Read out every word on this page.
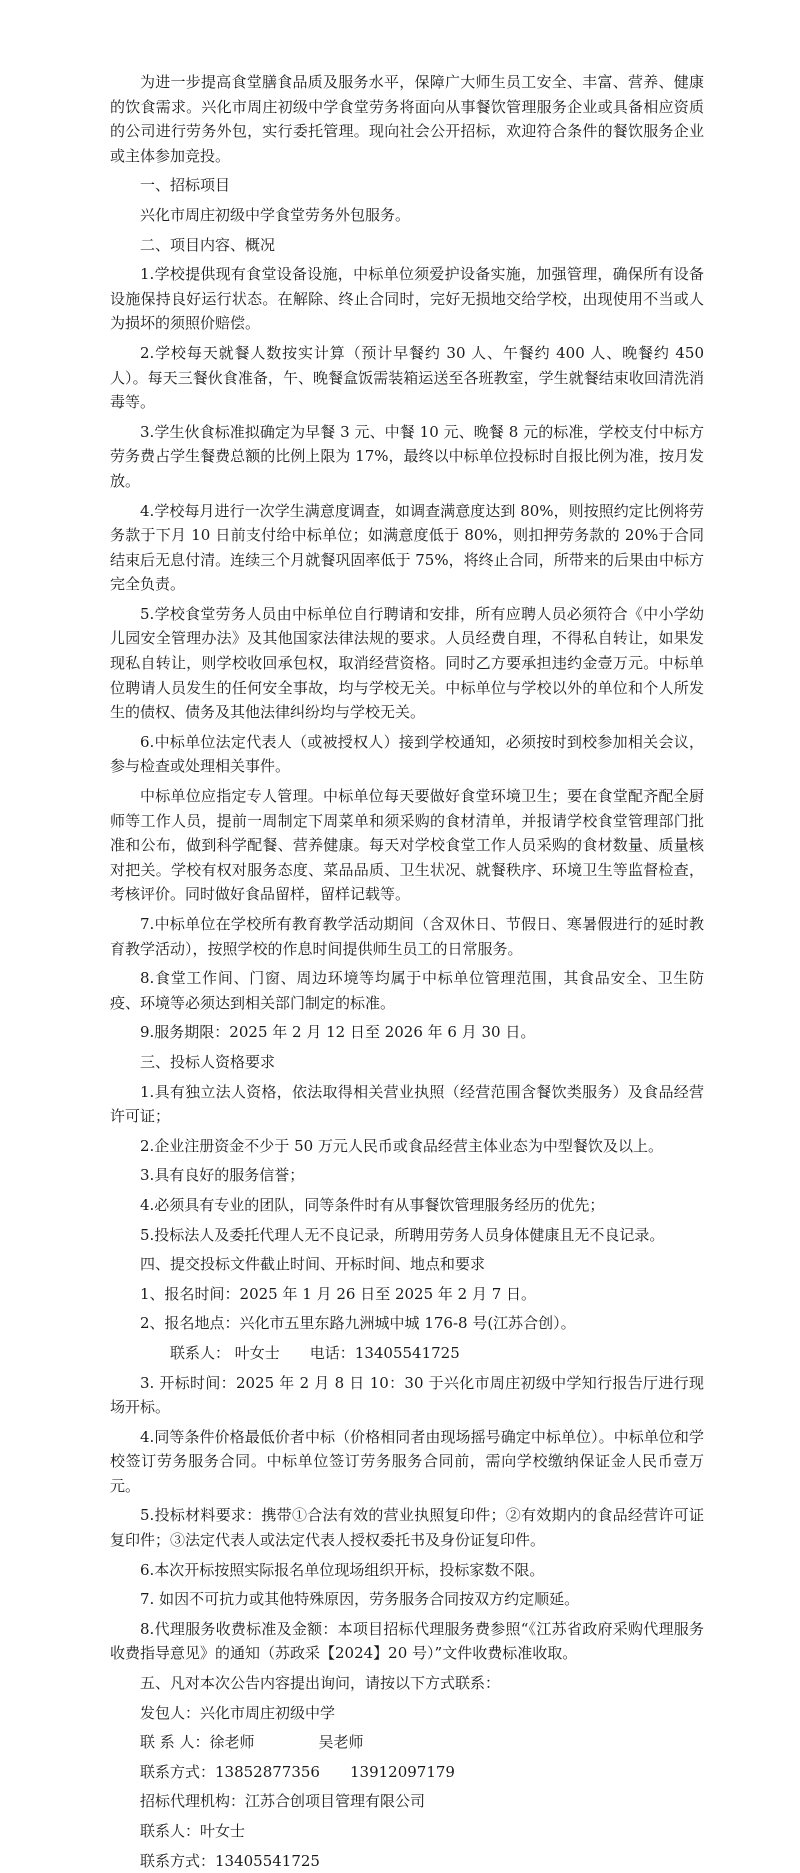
为进一步提高食堂膳食品质及服务水平，保障广大师生员工安全、丰富、营养、健康的饮食需求。兴化市周庄初级中学食堂劳务将面向从事餐饮管理服务企业或具备相应资质的公司进行劳务外包，实行委托管理。现向社会公开招标，欢迎符合条件的餐饮服务企业或主体参加竞投。

一、招标项目

兴化市周庄初级中学食堂劳务外包服务。

二、项目内容、概况

1.学校提供现有食堂设备设施，中标单位须爱护设备实施，加强管理，确保所有设备设施保持良好运行状态。在解除、终止合同时，完好无损地交给学校，出现使用不当或人为损坏的须照价赔偿。

2.学校每天就餐人数按实计算（预计早餐约 30 人、午餐约 400 人、晚餐约 450 人）。每天三餐伙食准备，午、晚餐盒饭需装箱运送至各班教室，学生就餐结束收回清洗消毒等。

3.学生伙食标准拟确定为早餐 3 元、中餐 10 元、晚餐 8 元的标准，学校支付中标方劳务费占学生餐费总额的比例上限为 17%，最终以中标单位投标时自报比例为准，按月发放。

4.学校每月进行一次学生满意度调查，如调查满意度达到 80%，则按照约定比例将劳务款于下月 10 日前支付给中标单位；如满意度低于 80%，则扣押劳务款的 20%于合同结束后无息付清。连续三个月就餐巩固率低于 75%，将终止合同，所带来的后果由中标方完全负责。

5.学校食堂劳务人员由中标单位自行聘请和安排，所有应聘人员必须符合《中小学幼儿园安全管理办法》及其他国家法律法规的要求。人员经费自理，不得私自转让，如果发现私自转让，则学校收回承包权，取消经营资格。同时乙方要承担违约金壹万元。中标单位聘请人员发生的任何安全事故，均与学校无关。中标单位与学校以外的单位和个人所发生的债权、债务及其他法律纠纷均与学校无关。

6.中标单位法定代表人（或被授权人）接到学校通知，必须按时到校参加相关会议，参与检查或处理相关事件。

中标单位应指定专人管理。中标单位每天要做好食堂环境卫生；要在食堂配齐配全厨师等工作人员，提前一周制定下周菜单和须采购的食材清单，并报请学校食堂管理部门批准和公布，做到科学配餐、营养健康。每天对学校食堂工作人员采购的食材数量、质量核对把关。学校有权对服务态度、菜品品质、卫生状况、就餐秩序、环境卫生等监督检查，考核评价。同时做好食品留样，留样记载等。

7.中标单位在学校所有教育教学活动期间（含双休日、节假日、寒暑假进行的延时教育教学活动），按照学校的作息时间提供师生员工的日常服务。

8.食堂工作间、门窗、周边环境等均属于中标单位管理范围，其食品安全、卫生防疫、环境等必须达到相关部门制定的标准。

9.服务期限：2025 年 2 月 12 日至 2026 年 6 月 30 日。

三、投标人资格要求

1.具有独立法人资格，依法取得相关营业执照（经营范围含餐饮类服务）及食品经营许可证；

2.企业注册资金不少于 50 万元人民币或食品经营主体业态为中型餐饮及以上。

3.具有良好的服务信誉；

4.必须具有专业的团队，同等条件时有从事餐饮管理服务经历的优先；

5.投标法人及委托代理人无不良记录，所聘用劳务人员身体健康且无不良记录。

四、提交投标文件截止时间、开标时间、地点和要求

1、报名时间：2025 年 1 月 26 日至 2025 年 2 月 7 日。

2、报名地点：兴化市五里东路九洲城中城 176-8 号(江苏合创）。

联系人： 叶女士 电话：13405541725

3. 开标时间：2025 年 2 月 8 日 10：30 于兴化市周庄初级中学知行报告厅进行现场开标。

4.同等条件价格最低价者中标（价格相同者由现场摇号确定中标单位）。中标单位和学校签订劳务服务合同。中标单位签订劳务服务合同前，需向学校缴纳保证金人民币壹万元。

5.投标材料要求：携带①合法有效的营业执照复印件；②有效期内的食品经营许可证复印件；③法定代表人或法定代表人授权委托书及身份证复印件。

6.本次开标按照实际报名单位现场组织开标，投标家数不限。

7. 如因不可抗力或其他特殊原因，劳务服务合同按双方约定顺延。

8.代理服务收费标准及金额：本项目招标代理服务费参照“《江苏省政府采购代理服务收费指导意见》的通知（苏政采【2024】20 号）”文件收费标准收取。

五、凡对本次公告内容提出询问，请按以下方式联系：

发包人：兴化市周庄初级中学

联 系 人：徐老师	吴老师

联系方式：13852877356 13912097179

招标代理机构：江苏合创项目管理有限公司

联系人：叶女士

联系方式：13405541725
